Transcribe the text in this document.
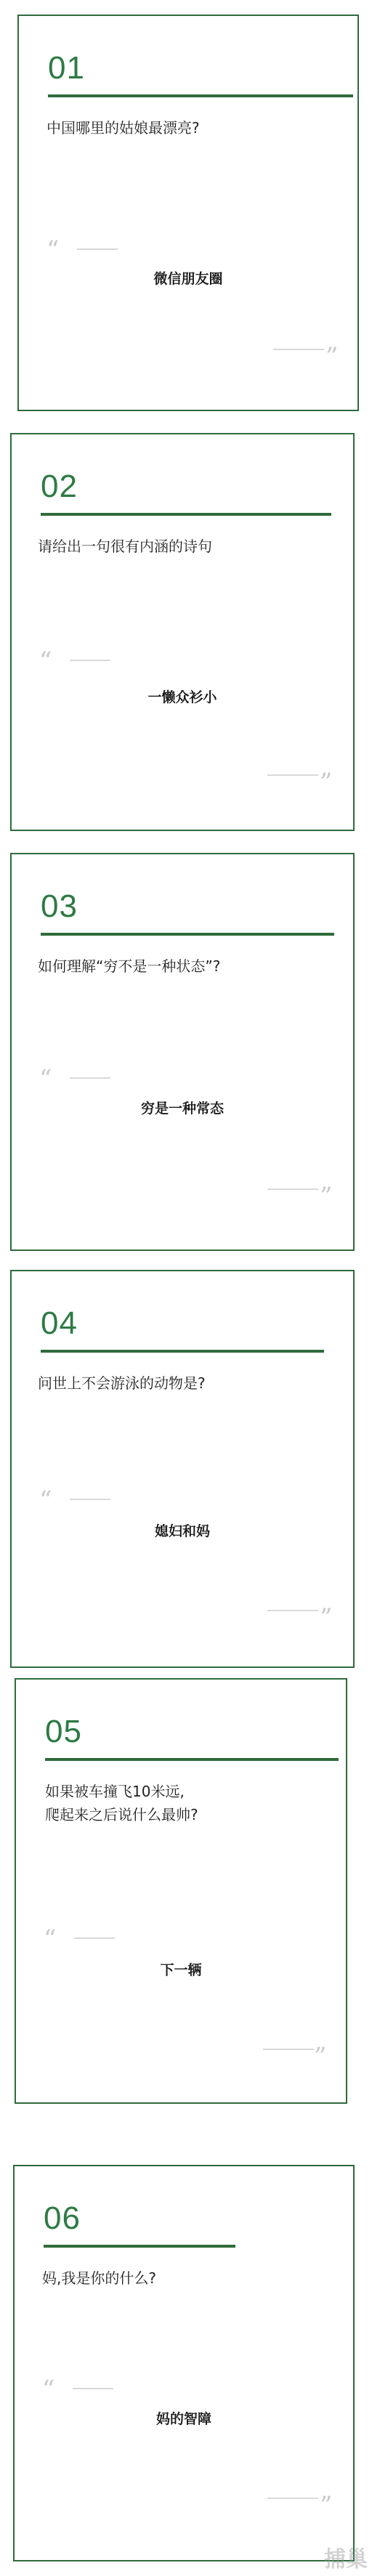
01
中国哪里的姑娘最漂亮?
“
微信朋友圈
”
02
请给出一句很有内涵的诗句
“
一懒众衫小
”
03
如何理解“穷不是一种状态”?
“
穷是一种常态
”
04
问世上不会游泳的动物是?
“
媳妇和妈
”
05
如果被车撞飞10米远,
爬起来之后说什么最帅?
“
下一辆
”
06
妈,我是你的什么?
“
妈的智障
”
捕巢
